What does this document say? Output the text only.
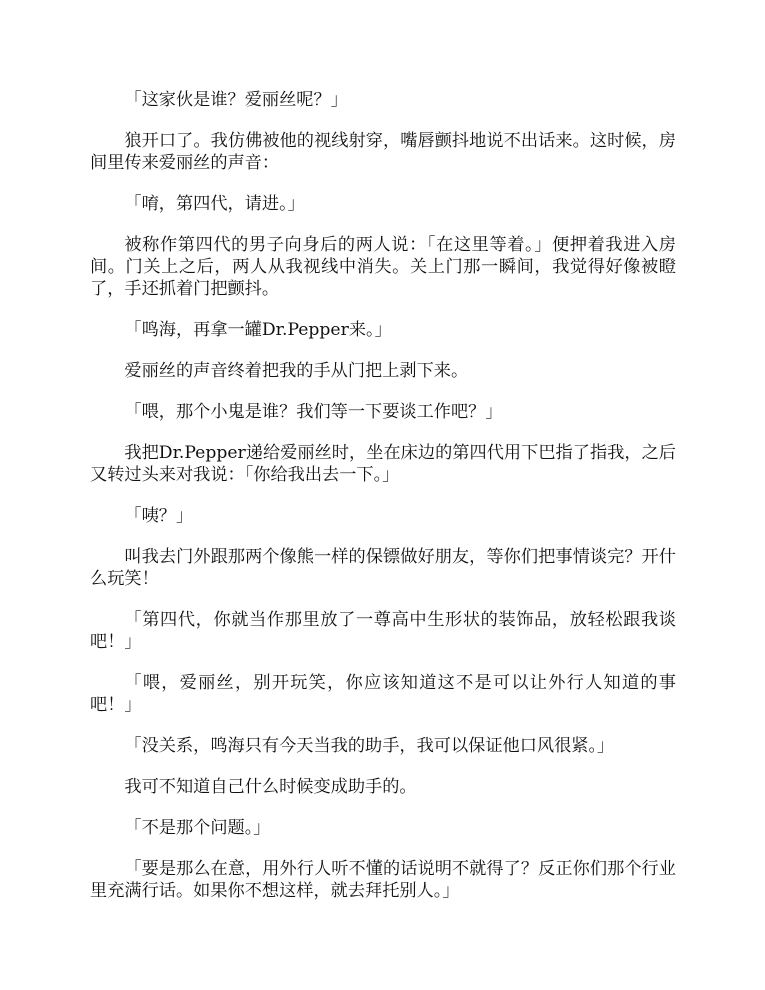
「这家伙是谁？爱丽丝呢？」

狼开口了。我仿佛被他的视线射穿，嘴唇颤抖地说不出话来。这时候，房间里传来爱丽丝的声音：

「唷，第四代，请进。」

被称作第四代的男子向身后的两人说：「在这里等着。」便押着我进入房间。门关上之后，两人从我视线中消失。关上门那一瞬间，我觉得好像被瞪了，手还抓着门把颤抖。

「鸣海，再拿一罐Dr.Pepper来。」

爱丽丝的声音终着把我的手从门把上剥下来。

「喂，那个小鬼是谁？我们等一下要谈工作吧？」

我把Dr.Pepper递给爱丽丝时，坐在床边的第四代用下巴指了指我，之后又转过头来对我说：「你给我出去一下。」

「咦？」

叫我去门外跟那两个像熊一样的保镖做好朋友，等你们把事情谈完？开什么玩笑！

「第四代，你就当作那里放了一尊高中生形状的装饰品，放轻松跟我谈吧！」

「喂，爱丽丝，别开玩笑，你应该知道这不是可以让外行人知道的事吧！」

「没关系，鸣海只有今天当我的助手，我可以保证他口风很紧。」

我可不知道自己什么时候变成助手的。

「不是那个问题。」

「要是那么在意，用外行人听不懂的话说明不就得了？反正你们那个行业里充满行话。如果你不想这样，就去拜托别人。」
